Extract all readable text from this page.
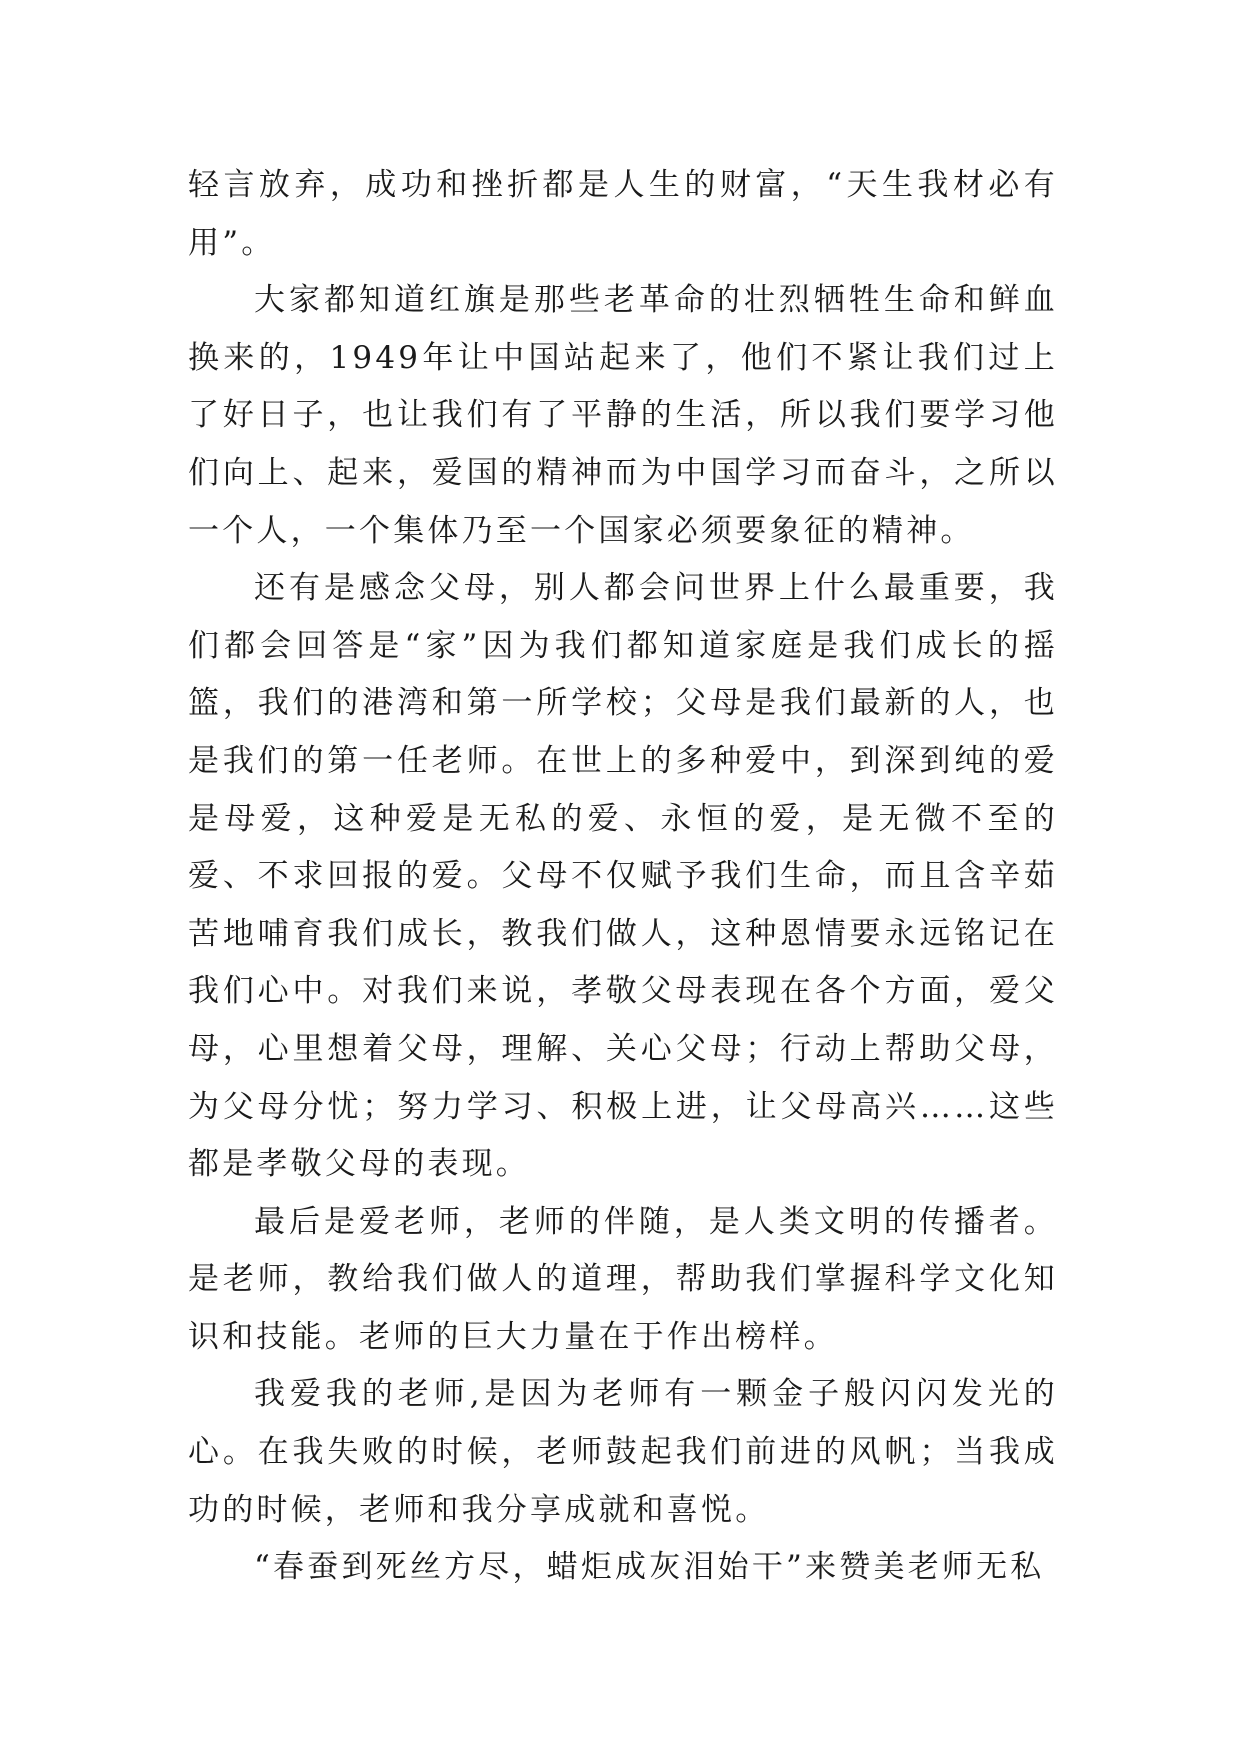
轻言放弃，成功和挫折都是人生的财富，“天生我材必有用”。

大家都知道红旗是那些老革命的壮烈牺牲生命和鲜血换来的，1949年让中国站起来了，他们不紧让我们过上了好日子，也让我们有了平静的生活，所以我们要学习他们向上、起来，爱国的精神而为中国学习而奋斗，之所以一个人，一个集体乃至一个国家必须要象征的精神。

还有是感念父母，别人都会问世界上什么最重要，我们都会回答是“家”因为我们都知道家庭是我们成长的摇篮，我们的港湾和第一所学校；父母是我们最新的人，也是我们的第一任老师。在世上的多种爱中，到深到纯的爱是母爱，这种爱是无私的爱、永恒的爱，是无微不至的爱、不求回报的爱。父母不仅赋予我们生命，而且含辛茹苦地哺育我们成长，教我们做人，这种恩情要永远铭记在我们心中。对我们来说，孝敬父母表现在各个方面，爱父母，心里想着父母，理解、关心父母；行动上帮助父母，为父母分忧；努力学习、积极上进，让父母高兴……这些都是孝敬父母的表现。

最后是爱老师，老师的伴随，是人类文明的传播者。是老师，教给我们做人的道理，帮助我们掌握科学文化知识和技能。老师的巨大力量在于作出榜样。

我爱我的老师,是因为老师有一颗金子般闪闪发光的心。在我失败的时候，老师鼓起我们前进的风帆；当我成功的时候，老师和我分享成就和喜悦。

“春蚕到死丝方尽，蜡炬成灰泪始干”来赞美老师无私
